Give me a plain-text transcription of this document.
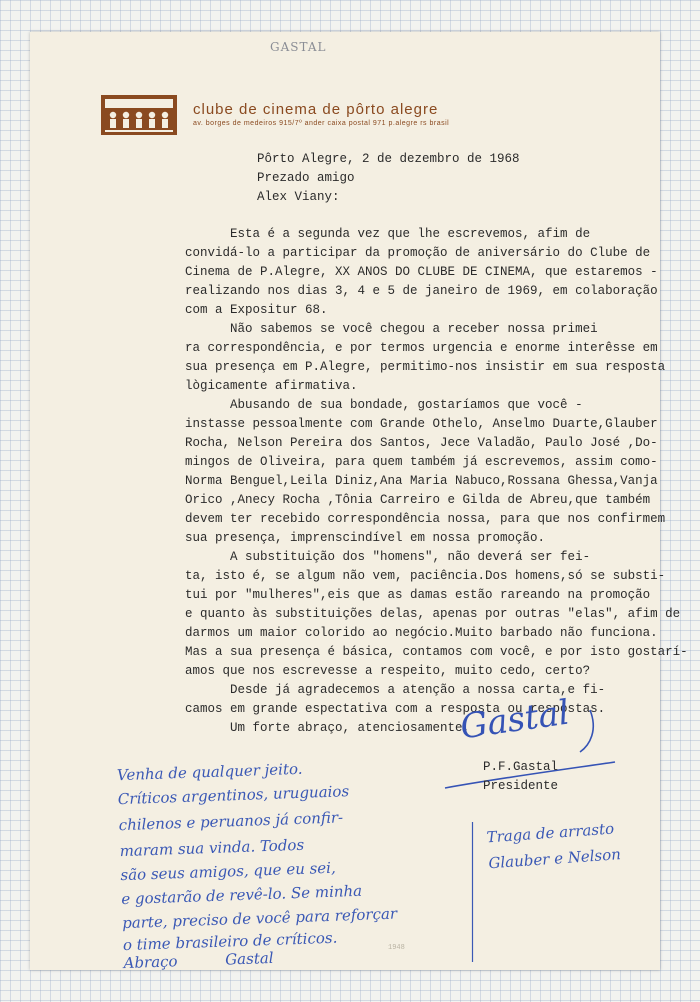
GASTAL
clube de cinema de pôrto alegre
av. borges de medeiros 915/7º ander caixa postal 971 p.alegre rs brasil

Pôrto Alegre, 2 de dezembro de 1968

Prezado amigo

Alex Viany:

Esta é a segunda vez que lhe escrevemos, afim de

convidá-lo a participar da promoção de aniversário do Clube de

Cinema de P.Alegre, XX ANOS DO CLUBE DE CINEMA, que estaremos -

realizando nos dias 3, 4 e 5 de janeiro de 1969, em colaboração

com a Expositur 68.

Não sabemos se você chegou a receber nossa primei

ra correspondência, e por termos urgencia e enorme interêsse em

sua presença em P.Alegre, permitimo-nos insistir em sua resposta

lògicamente afirmativa.

Abusando de sua bondade, gostaríamos que você -

instasse pessoalmente com Grande Othelo, Anselmo Duarte,Glauber

Rocha, Nelson Pereira dos Santos, Jece Valadão, Paulo José ,Do-

mingos de Oliveira, para quem também já escrevemos, assim como-

Norma Benguel,Leila Diniz,Ana Maria Nabuco,Rossana Ghessa,Vanja

Orico ,Anecy Rocha ,Tônia Carreiro e Gilda de Abreu,que também

devem ter recebido correspondência nossa, para que nos confirmem

sua presença, imprenscindível em nossa promoção.

A substituição dos "homens", não deverá ser fei-

ta, isto é, se algum não vem, paciência.Dos homens,só se substi-

tui por "mulheres",eis que as damas estão rareando na promoção

e quanto às substituições delas, apenas por outras "elas", afim de

darmos um maior colorido ao negócio.Muito barbado não funciona.

Mas a sua presença é básica, contamos com você, e por isto gostarí-

amos que nos escrevesse a respeito, muito cedo, certo?

Desde já agradecemos a atenção a nossa carta,e fi-

camos em grande espectativa com a resposta ou respostas.

Um forte abraço, atenciosamente,

Gastal

P.F.Gastal

Presidente

Venha de qualquer jeito.

Críticos argentinos, uruguaios

chilenos e peruanos já confir-

maram sua vinda. Todos

são seus amigos, que eu sei,

e gostarão de revê-lo. Se minha

parte, preciso de você para reforçar

o time brasileiro de críticos.

Abraço          Gastal

Traga de arrasto

Glauber e Nelson

1948
